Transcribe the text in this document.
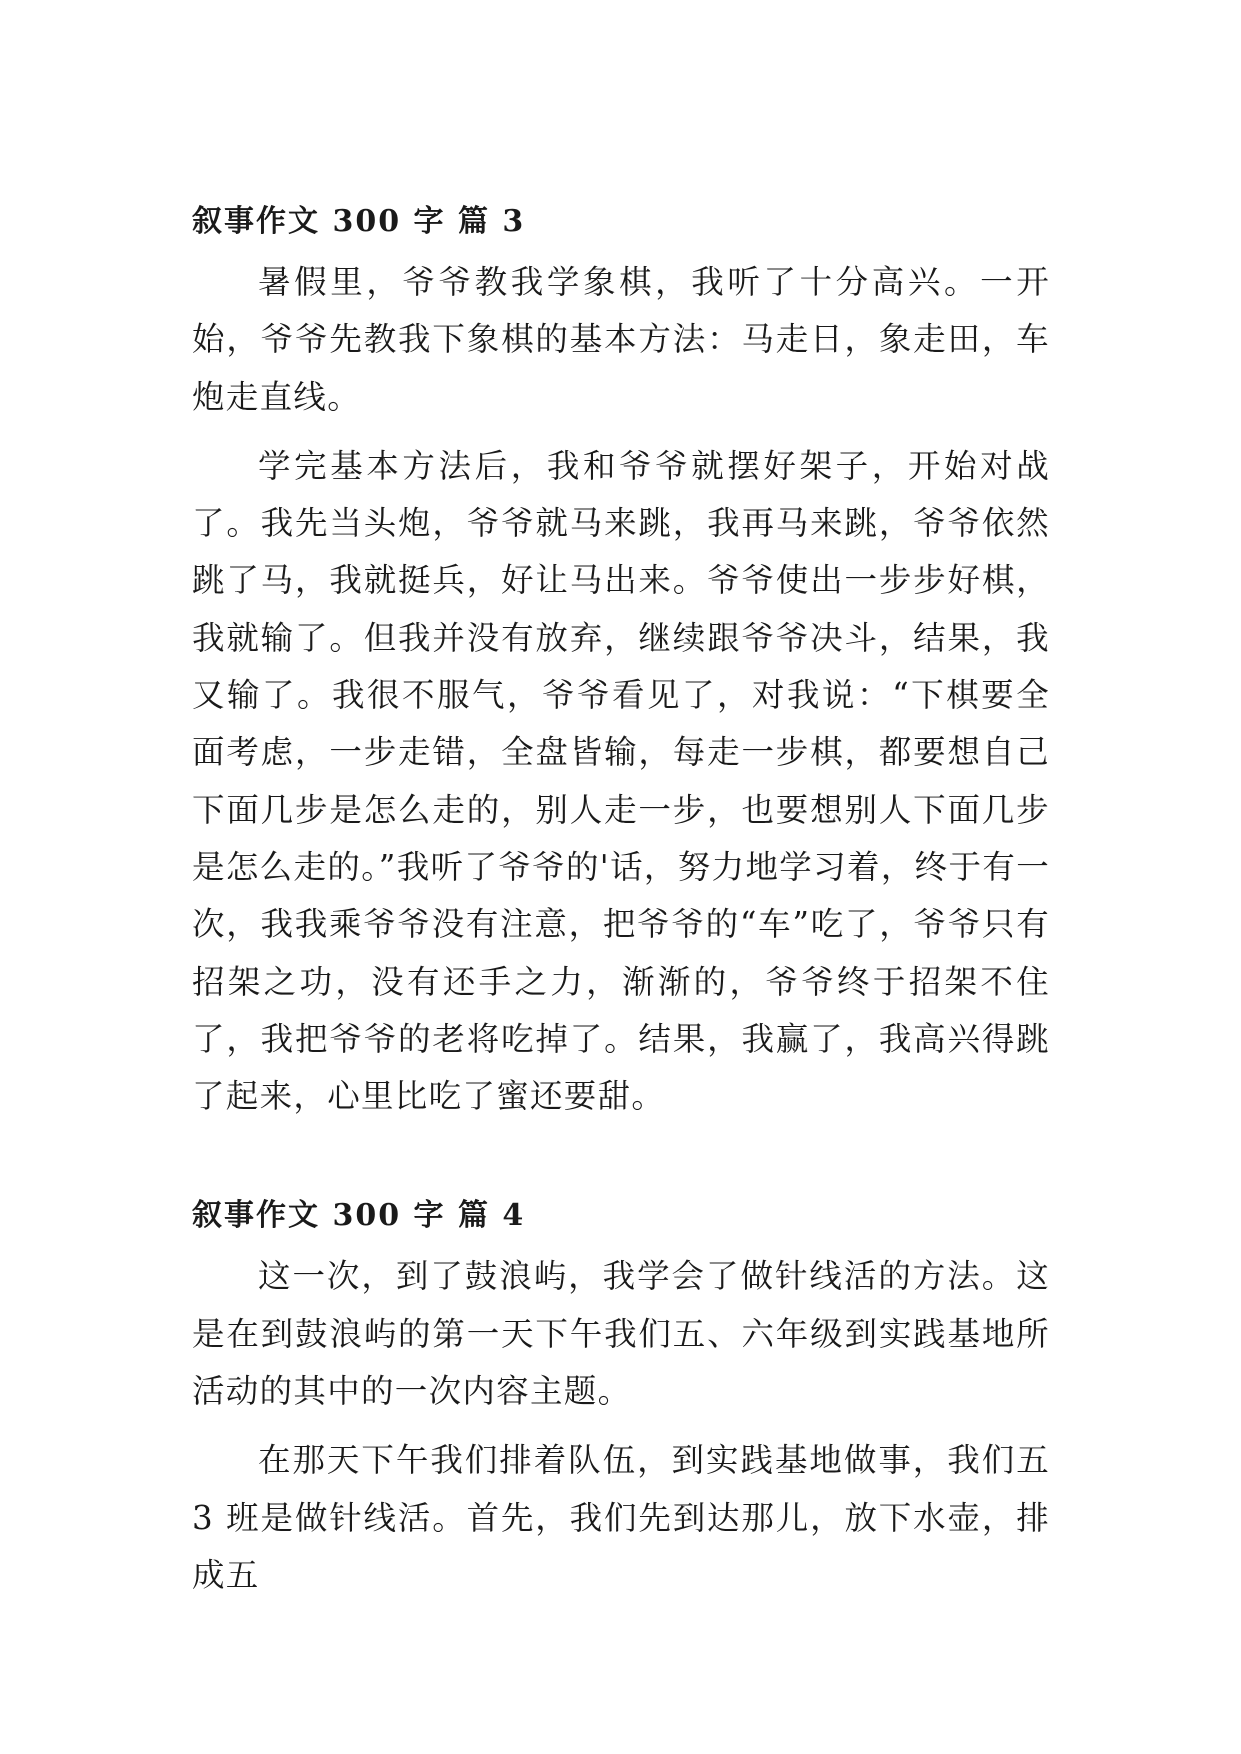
叙事作文 300 字 篇 3

暑假里，爷爷教我学象棋，我听了十分高兴。一开始，爷爷先教我下象棋的基本方法：马走日，象走田，车炮走直线。

学完基本方法后，我和爷爷就摆好架子，开始对战了。我先当头炮，爷爷就马来跳，我再马来跳，爷爷依然跳了马，我就挺兵，好让马出来。爷爷使出一步步好棋，我就输了。但我并没有放弃，继续跟爷爷决斗，结果，我又输了。我很不服气，爷爷看见了，对我说：“下棋要全面考虑，一步走错，全盘皆输，每走一步棋，都要想自己下面几步是怎么走的，别人走一步，也要想别人下面几步是怎么走的。”我听了爷爷的'话，努力地学习着，终于有一次，我我乘爷爷没有注意，把爷爷的“车”吃了，爷爷只有招架之功，没有还手之力，渐渐的，爷爷终于招架不住了，我把爷爷的老将吃掉了。结果，我赢了，我高兴得跳了起来，心里比吃了蜜还要甜。

叙事作文 300 字 篇 4

这一次，到了鼓浪屿，我学会了做针线活的方法。这是在到鼓浪屿的第一天下午我们五、六年级到实践基地所活动的其中的一次内容主题。

在那天下午我们排着队伍，到实践基地做事，我们五 3 班是做针线活。首先，我们先到达那儿，放下水壶，排成五
